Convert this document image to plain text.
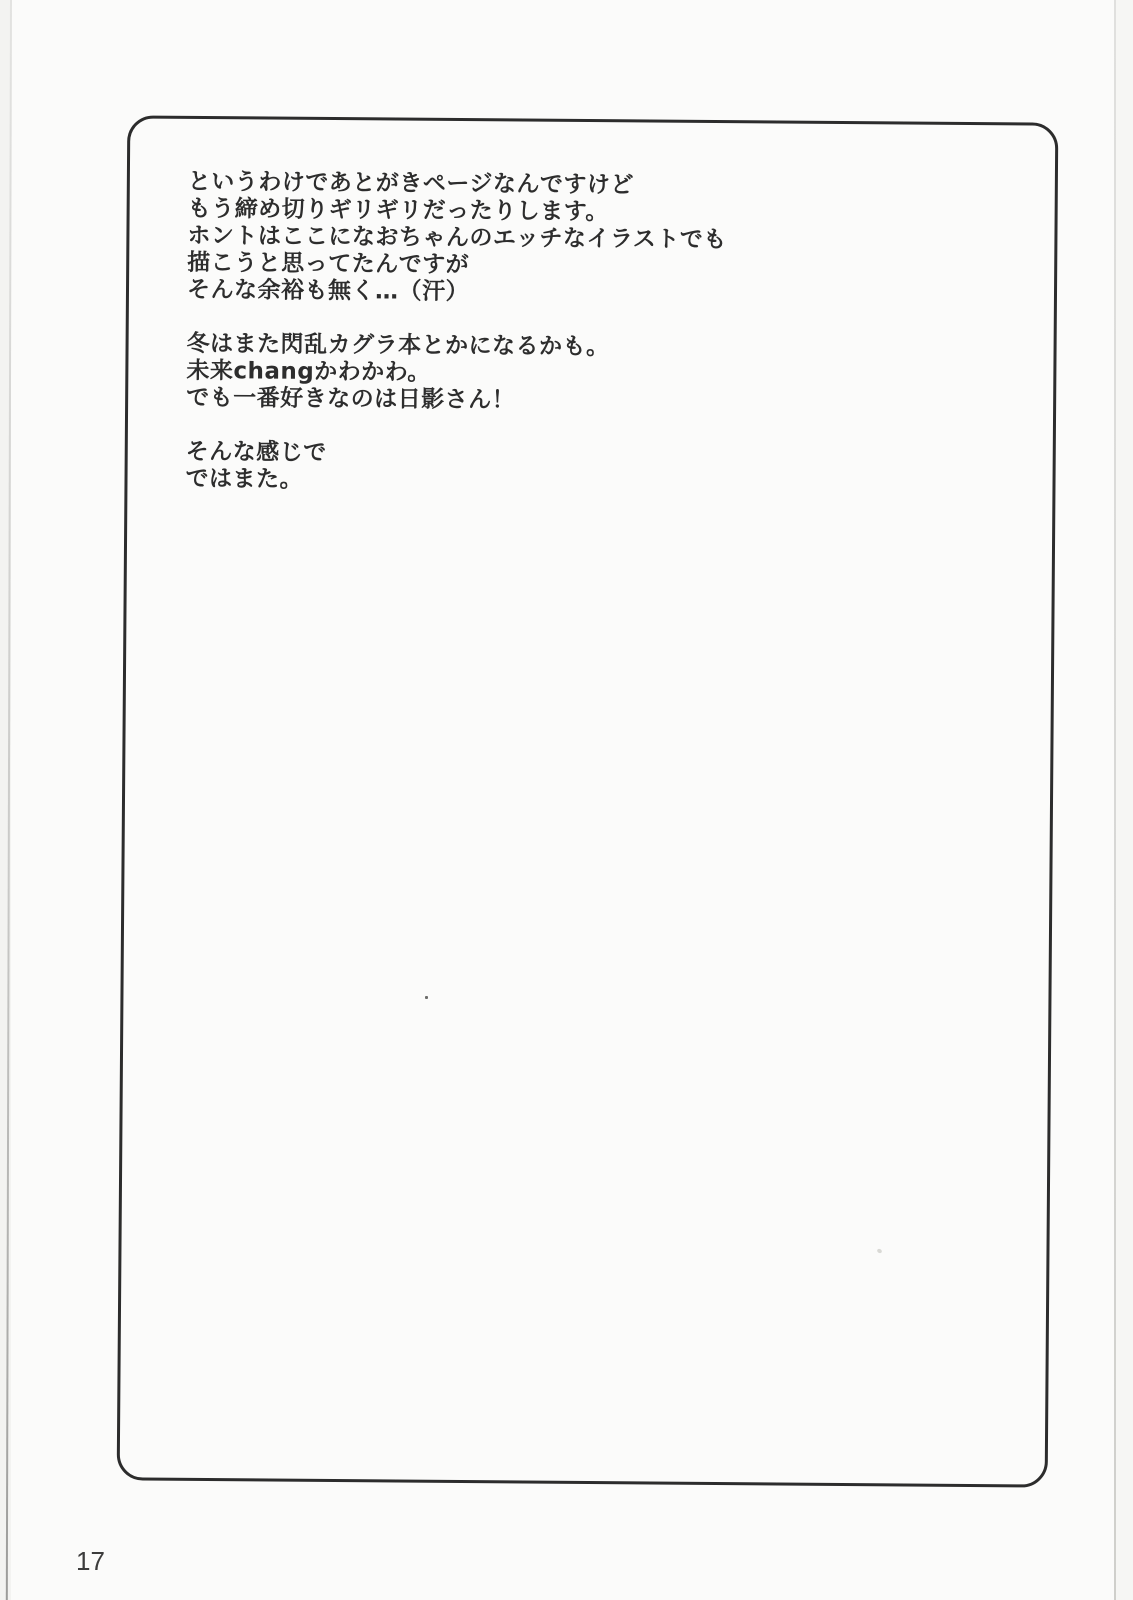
というわけであとがきページなんですけど
もう締め切りギリギリだったりします。
ホントはここになおちゃんのエッチなイラストでも
描こうと思ってたんですが
そんな余裕も無く…（汗）
冬はまた閃乱カグラ本とかになるかも。
未来changかわかわ。
でも一番好きなのは日影さん！
そんな感じで
ではまた。
17
